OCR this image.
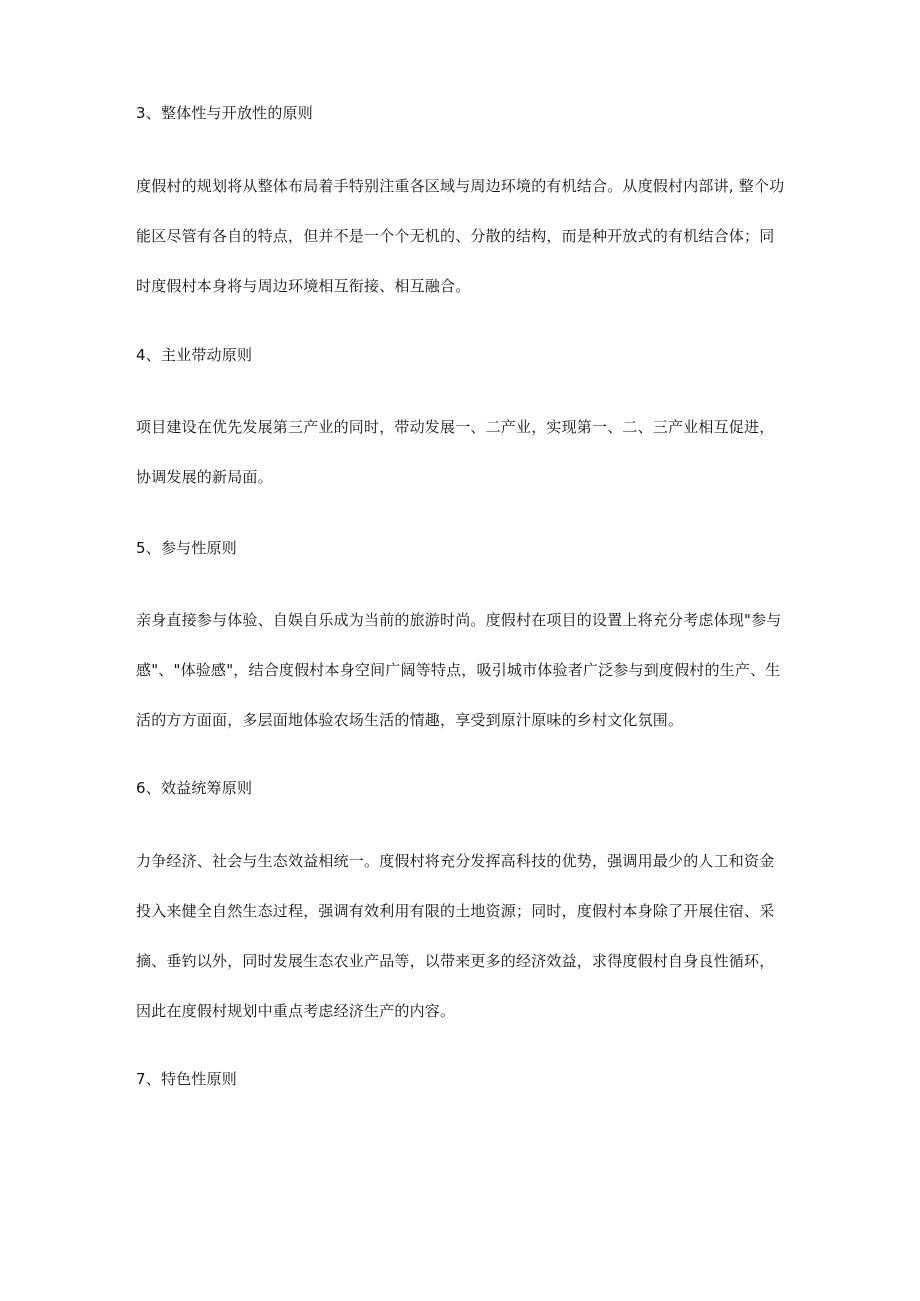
3、整体性与开放性的原则
度假村的规划将从整体布局着手特别注重各区域与周边环境的有机结合。从度假村内部讲, 整个功
能区尽管有各自的特点，但并不是一个个无机的、分散的结构，而是种开放式的有机结合体；同
时度假村本身将与周边环境相互衔接、相互融合。
4、主业带动原则
项目建设在优先发展第三产业的同时，带动发展一、二产业，实现第一、二、三产业相互促进，
协调发展的新局面。
5、参与性原则
亲身直接参与体验、自娱自乐成为当前的旅游时尚。度假村在项目的设置上将充分考虑体现"参与
感"、"体验感"，结合度假村本身空间广阔等特点，吸引城市体验者广泛参与到度假村的生产、生
活的方方面面，多层面地体验农场生活的情趣，享受到原汁原味的乡村文化氛围。
6、效益统筹原则
力争经济、社会与生态效益相统一。度假村将充分发挥高科技的优势，强调用最少的人工和资金
投入来健全自然生态过程，强调有效利用有限的土地资源；同时，度假村本身除了开展住宿、采
摘、垂钓以外，同时发展生态农业产品等，以带来更多的经济效益，求得度假村自身良性循环，
因此在度假村规划中重点考虑经济生产的内容。
7、特色性原则
